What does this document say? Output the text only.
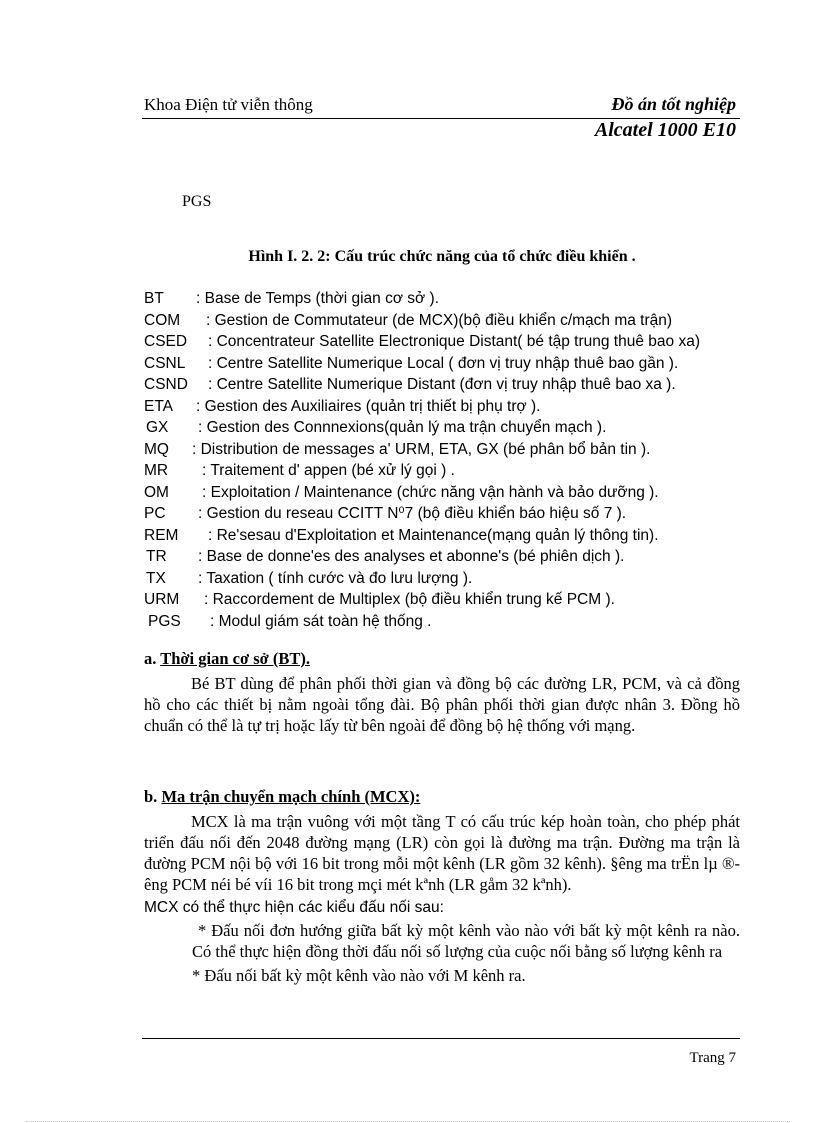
Khoa Điện tử viễn thông	Đồ án tốt nghiệp
Alcatel 1000 E10
PGS
Hình I. 2. 2: Cấu trúc chức năng của tổ chức điều khiển .
BT : Base de Temps (thời gian cơ sở ).
COM : Gestion de Commutateur (de MCX)(bộ điều khiển c/mạch ma trận)
CSED : Concentrateur Satellite Electronique Distant( bé tập trung thuê bao xa)
CSNL : Centre Satellite Numerique Local ( đơn vị truy nhập thuê bao gần ).
CSND : Centre Satellite Numerique Distant (đơn vị truy nhập thuê bao xa ).
ETA : Gestion des Auxiliaires (quản trị thiết bị phụ trợ ).
GX : Gestion des Connnexions(quản lý ma trận chuyển mạch ).
MQ : Distribution de messages a' URM, ETA, GX (bé phân bổ bản tin ).
MR : Traitement d' appen (bé xử lý gọi ) .
OM : Exploitation / Maintenance (chức năng vận hành và bảo dưỡng ).
PC : Gestion du reseau CCITT N⁰7 (bộ điều khiển báo hiệu số 7 ).
REM : Re'sesau d'Exploitation et Maintenance(mạng quản lý thông tin).
TR : Base de donne'es des analyses et abonne's (bé phiên dịch ).
TX : Taxation ( tính cước và đo lưu lượng ).
URM : Raccordement de Multiplex (bộ điều khiển trung kế PCM ).
PGS : Modul giám sát toàn hệ thống .
a. Thời gian cơ sở (BT).
Bé BT dùng để phân phối thời gian và đồng bộ các đường LR, PCM, và cả đồng hồ cho các thiết bị nằm ngoài tổng đài. Bộ phân phối thời gian được nhân 3. Đồng hồ chuẩn có thể là tự trị hoặc lấy từ bên ngoài để đồng bộ hệ thống với mạng.
b. Ma trận chuyển mạch chính (MCX):
MCX là ma trận vuông với một tầng T có cấu trúc kép hoàn toàn, cho phép phát triển đấu nối đến 2048 đường mạng (LR) còn gọi là đường ma trận. Đường ma trận là đường PCM nội bộ với 16 bit trong mỗi một kênh (LR gồm 32 kênh). §êng ma trËn lµ ®êng PCM néi bé víi 16 bit trong mçi mét kªnh (LR gåm 32 kªnh).
MCX có thể thực hiện các kiểu đấu nối sau:
* Đấu nối đơn hướng giữa bất kỳ một kênh vào nào với bất kỳ một kênh ra nào. Có thể thực hiện đồng thời đấu nối số lượng của cuộc nối bằng số lượng kênh ra
* Đấu nối bất kỳ một kênh vào nào với M kênh ra.
Trang 7
